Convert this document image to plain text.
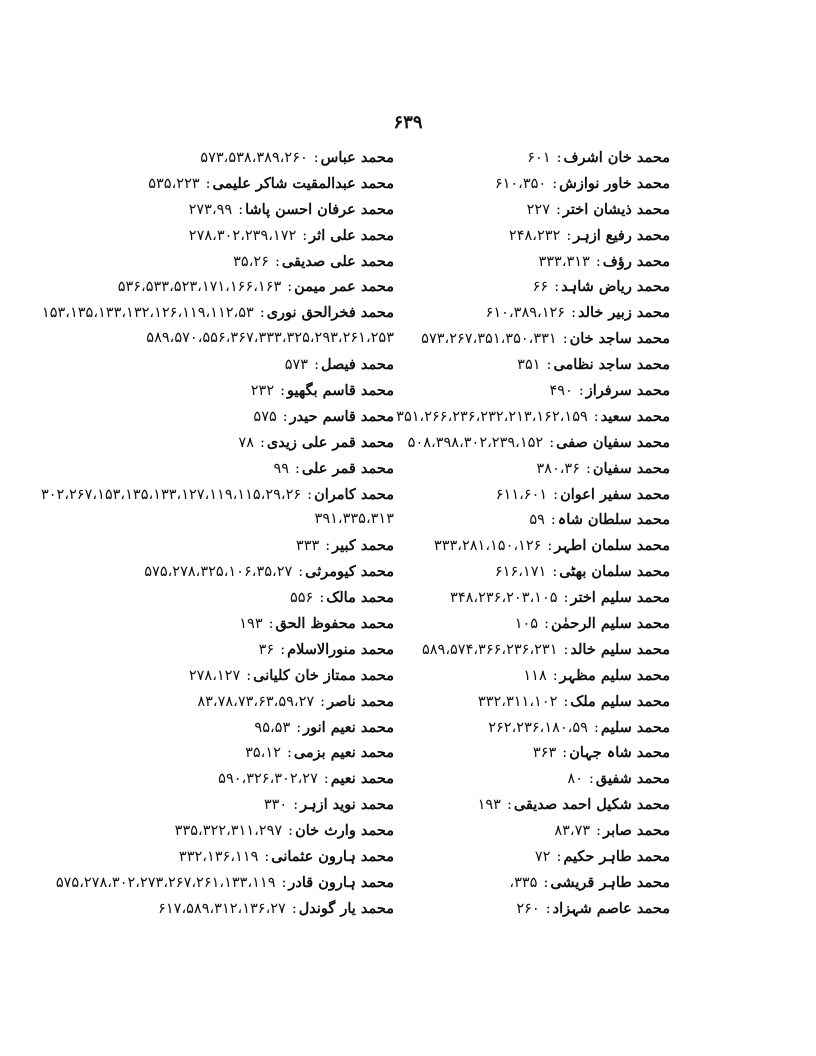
۶۳۹
محمد خان اشرف:۶۰۱
محمد خاور نوازش:۶۱۰،۳۵۰
محمد ذیشان اختر:۲۲۷
محمد رفیع ازہر:۲۴۸،۲۳۲
محمد رؤف:۳۳۳،۳۱۳
محمد ریاض شاہد:۶۶
محمد زبیر خالد:۶۱۰،۳۸۹،۱۲۶
محمد ساجد خان:۵۷۳،۲۶۷،۳۵۱،۳۵۰،۳۳۱
محمد ساجد نظامی:۳۵۱
محمد سرفراز:۴۹۰
محمد سعید:۳۵۱،۲۶۶،۲۳۶،۲۳۲،۲۱۳،۱۶۲،۱۵۹
محمد سفیان صفی:۵۰۸،۳۹۸،۳۰۲،۲۳۹،۱۵۲
محمد سفیان:۳۸۰،۳۶
محمد سفیر اعوان:۶۱۱،۶۰۱
محمد سلطان شاہ:۵۹
محمد سلمان اطہر:۳۳۳،۲۸۱،۱۵۰،۱۲۶
محمد سلمان بھٹی:۶۱۶،۱۷۱
محمد سلیم اختر:۳۴۸،۲۳۶،۲۰۳،۱۰۵
محمد سلیم الرحمٰن:۱۰۵
محمد سلیم خالد:۵۸۹،۵۷۴،۳۶۶،۲۳۶،۲۳۱
محمد سلیم مظہر:۱۱۸
محمد سلیم ملک:۳۳۲،۳۱۱،۱۰۲
محمد سلیم:۲۶۲،۲۳۶،۱۸۰،۵۹
محمد شاہ جہان:۳۶۳
محمد شفیق:۸۰
محمد شکیل احمد صدیقی:۱۹۳
محمد صابر:۸۳،۷۳
محمد طاہر حکیم:۷۲
محمد طاہر قریشی:۳۳۵،
محمد عاصم شہزاد:۲۶۰
محمد عباس:۵۷۳،۵۳۸،۳۸۹،۲۶۰
محمد عبدالمقیت شاکر علیمی:۵۳۵،۲۲۳
محمد عرفان احسن پاشا:۲۷۳،۹۹
محمد علی اثر:۲۷۸،۳۰۲،۲۳۹،۱۷۲
محمد علی صدیقی:۳۵،۲۶
محمد عمر میمن:۵۳۶،۵۳۳،۵۲۳،۱۷۱،۱۶۶،۱۶۳
محمد فخرالحق نوری:۱۵۳،۱۳۵،۱۳۳،۱۳۲،۱۲۶،۱۱۹،۱۱۲،۵۳
۵۸۹،۵۷۰،۵۵۶،۳۶۷،۳۳۳،۳۲۵،۲۹۳،۲۶۱،۲۵۳
محمد فیصل:۵۷۳
محمد قاسم بگھیو:۲۳۲
محمد قاسم حیدر:۵۷۵
محمد قمر علی زیدی:۷۸
محمد قمر علی:۹۹
محمد کامران:۳۰۲،۲۶۷،۱۵۳،۱۳۵،۱۳۳،۱۲۷،۱۱۹،۱۱۵،۲۹،۲۶
۳۹۱،۳۳۵،۳۱۳
محمد کبیر:۳۳۳
محمد کیومرثی:۵۷۵،۲۷۸،۳۲۵،۱۰۶،۳۵،۲۷
محمد مالک:۵۵۶
محمد محفوظ الحق:۱۹۳
محمد منورالاسلام:۳۶
محمد ممتاز خان کلیانی:۲۷۸،۱۲۷
محمد ناصر:۸۳،۷۸،۷۳،۶۳،۵۹،۲۷
محمد نعیم انور:۹۵،۵۳
محمد نعیم بزمی:۳۵،۱۲
محمد نعیم:۵۹۰،۳۲۶،۳۰۲،۲۷
محمد نوید ازہر:۳۳۰
محمد وارث خان:۳۳۵،۳۲۲،۳۱۱،۲۹۷
محمد ہارون عثمانی:۳۳۲،۱۳۶،۱۱۹
محمد ہارون قادر:۵۷۵،۲۷۸،۳۰۲،۲۷۳،۲۶۷،۲۶۱،۱۳۳،۱۱۹
محمد یار گوندل:۶۱۷،۵۸۹،۳۱۲،۱۳۶،۲۷
